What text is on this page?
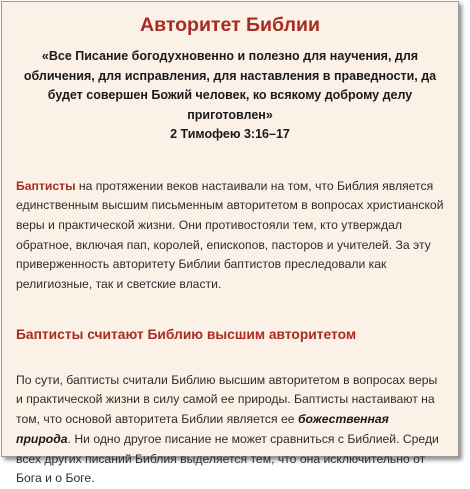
Авторитет Библии
«Все Писание богодухновенно и полезно для научения, для обличения, для исправления, для наставления в праведности, да будет совершен Божий человек, ко всякому доброму делу приготовлен»
2 Тимофею 3:16–17

Баптисты на протяжении веков настаивали на том, что Библия является единственным высшим письменным авторитетом в вопросах христианской веры и практической жизни. Они противостояли тем, кто утверждал обратное, включая пап, королей, епископов, пасторов и учителей. За эту приверженность авторитету Библии баптистов преследовали как религиозные, так и светские власти.

Баптисты считают Библию высшим авторитетом

По сути, баптисты считали Библию высшим авторитетом в вопросах веры и практической жизни в силу самой ее природы. Баптисты настаивают на том, что основой авторитета Библии является ее божественная природа. Ни одно другое писание не может сравниться с Библией. Среди всех других писаний Библия выделяется тем, что она исключительно от Бога и о Боге.
